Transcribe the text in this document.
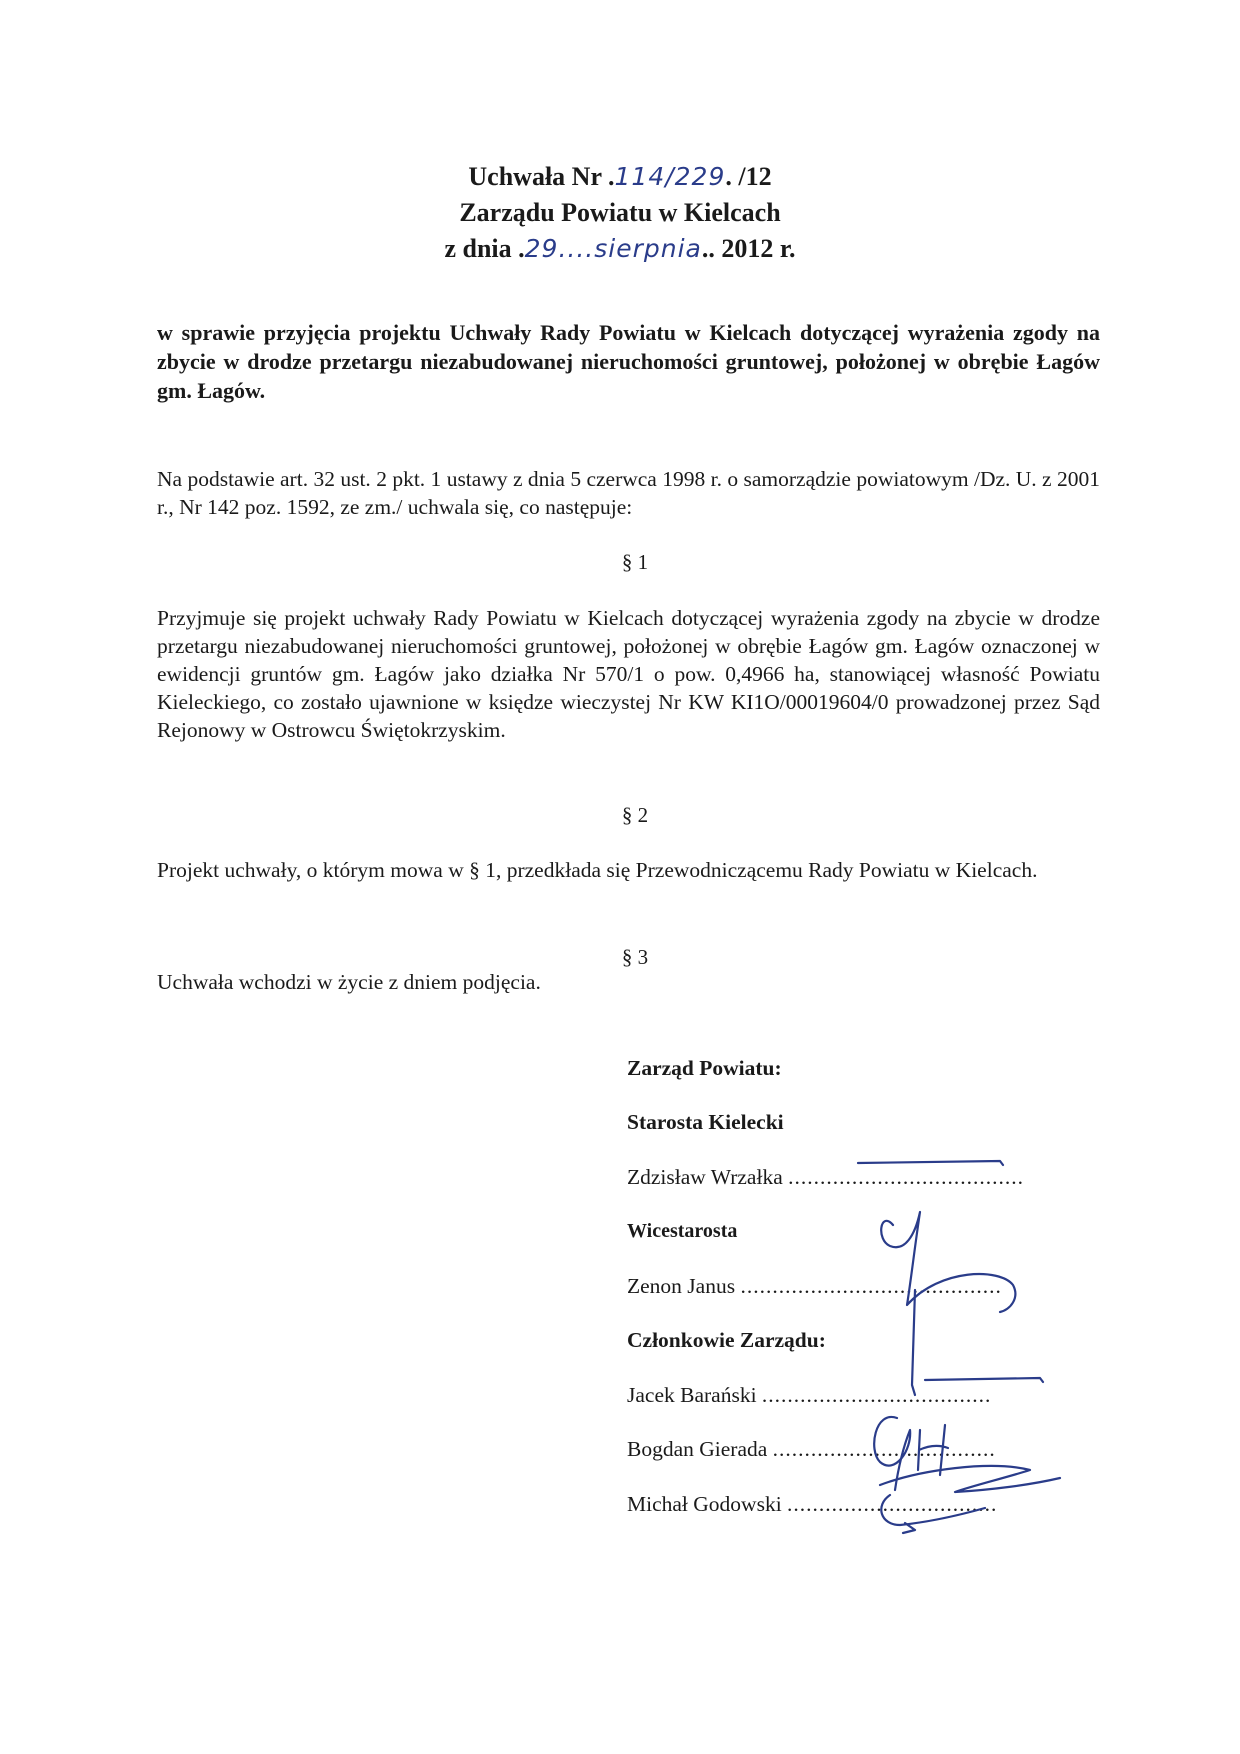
Uchwała Nr .114/229. /12
Zarządu Powiatu w Kielcach
z dnia .29....sierpnia.. 2012 r.
w sprawie przyjęcia projektu Uchwały Rady Powiatu w Kielcach dotyczącej wyrażenia zgody na zbycie w drodze przetargu niezabudowanej nieruchomości gruntowej, położonej w obrębie Łagów gm. Łagów.
Na podstawie art. 32 ust. 2 pkt. 1 ustawy z dnia 5 czerwca 1998 r. o samorządzie powiatowym /Dz. U. z 2001 r., Nr 142 poz. 1592, ze zm./ uchwala się, co następuje:
§ 1
Przyjmuje się projekt uchwały Rady Powiatu w Kielcach dotyczącej wyrażenia zgody na zbycie w drodze przetargu niezabudowanej nieruchomości gruntowej, położonej w obrębie Łagów gm. Łagów oznaczonej w ewidencji gruntów gm. Łagów jako działka Nr 570/1 o pow. 0,4966 ha, stanowiącej własność Powiatu Kieleckiego, co zostało ujawnione w księdze wieczystej Nr KW KI1O/00019604/0 prowadzonej przez Sąd Rejonowy w Ostrowcu Świętokrzyskim.
§ 2
Projekt uchwały, o którym mowa w § 1, przedkłada się Przewodniczącemu Rady Powiatu w Kielcach.
§ 3
Uchwała wchodzi w życie z dniem podjęcia.
Zarząd Powiatu:
Starosta Kielecki
Zdzisław Wrzałka .....................................
Wicestarosta
Zenon Janus .........................................
Członkowie Zarządu:
Jacek Barański ....................................
Bogdan Gierada ...................................
Michał Godowski .................................
